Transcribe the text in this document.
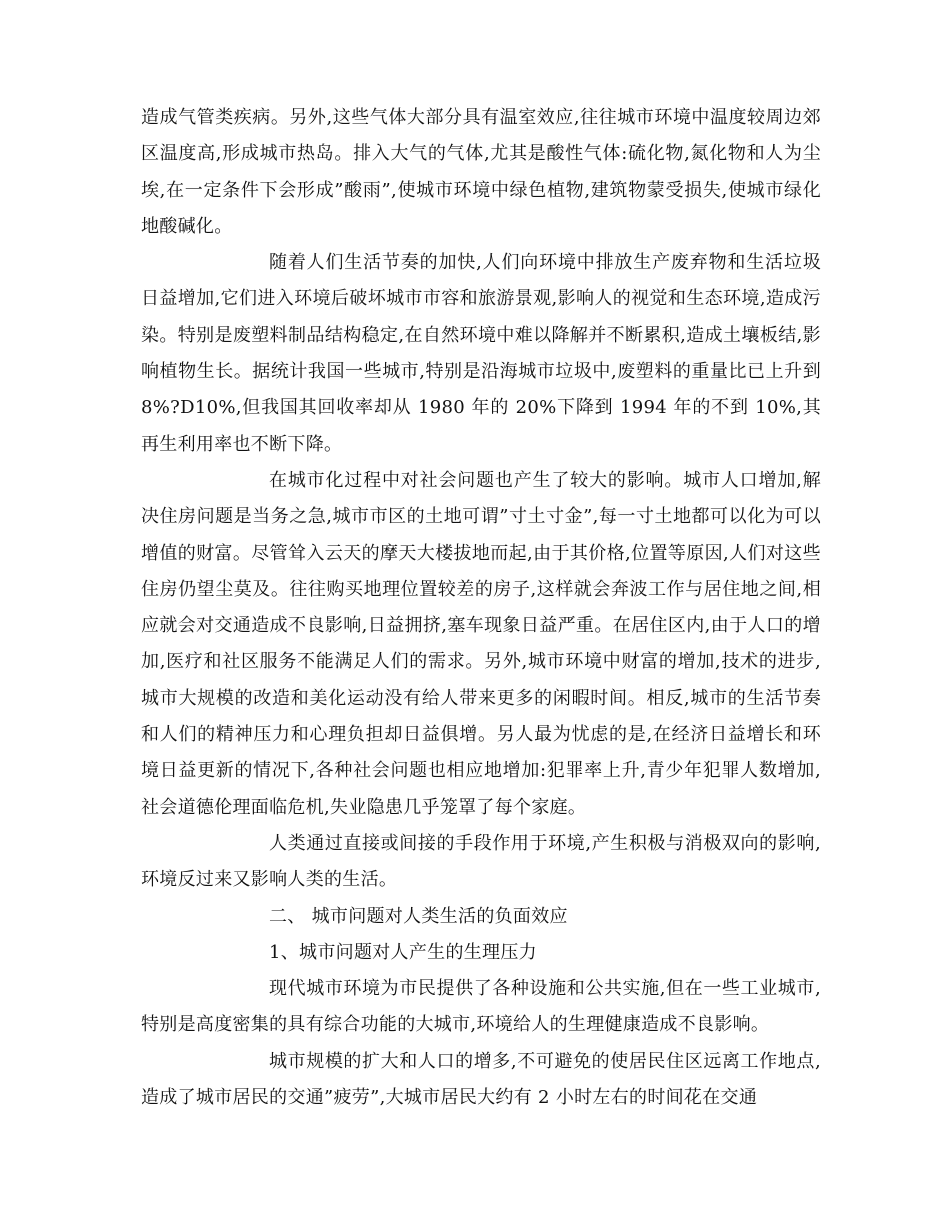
造成气管类疾病。另外,这些气体大部分具有温室效应,往往城市环境中温度较周边郊区温度高,形成城市热岛。排入大气的气体,尤其是酸性气体:硫化物,氮化物和人为尘埃,在一定条件下会形成”酸雨”,使城市环境中绿色植物,建筑物蒙受损失,使城市绿化地酸碱化。

随着人们生活节奏的加快,人们向环境中排放生产废弃物和生活垃圾日益增加,它们进入环境后破坏城市市容和旅游景观,影响人的视觉和生态环境,造成污染。特别是废塑料制品结构稳定,在自然环境中难以降解并不断累积,造成土壤板结,影响植物生长。据统计我国一些城市,特别是沿海城市垃圾中,废塑料的重量比已上升到 8%?D10%,但我国其回收率却从 1980 年的 20%下降到 1994 年的不到 10%,其再生利用率也不断下降。

在城市化过程中对社会问题也产生了较大的影响。城市人口增加,解决住房问题是当务之急,城市市区的土地可谓”寸土寸金”,每一寸土地都可以化为可以增值的财富。尽管耸入云天的摩天大楼拔地而起,由于其价格,位置等原因,人们对这些住房仍望尘莫及。往往购买地理位置较差的房子,这样就会奔波工作与居住地之间,相应就会对交通造成不良影响,日益拥挤,塞车现象日益严重。在居住区内,由于人口的增加,医疗和社区服务不能满足人们的需求。另外,城市环境中财富的增加,技术的进步,城市大规模的改造和美化运动没有给人带来更多的闲暇时间。相反,城市的生活节奏和人们的精神压力和心理负担却日益俱增。另人最为忧虑的是,在经济日益增长和环境日益更新的情况下,各种社会问题也相应地增加:犯罪率上升,青少年犯罪人数增加,社会道德伦理面临危机,失业隐患几乎笼罩了每个家庭。

人类通过直接或间接的手段作用于环境,产生积极与消极双向的影响,环境反过来又影响人类的生活。

二、 城市问题对人类生活的负面效应

1、城市问题对人产生的生理压力

现代城市环境为市民提供了各种设施和公共实施,但在一些工业城市,特别是高度密集的具有综合功能的大城市,环境给人的生理健康造成不良影响。

城市规模的扩大和人口的增多,不可避免的使居民住区远离工作地点,造成了城市居民的交通”疲劳”,大城市居民大约有 2 小时左右的时间花在交通
